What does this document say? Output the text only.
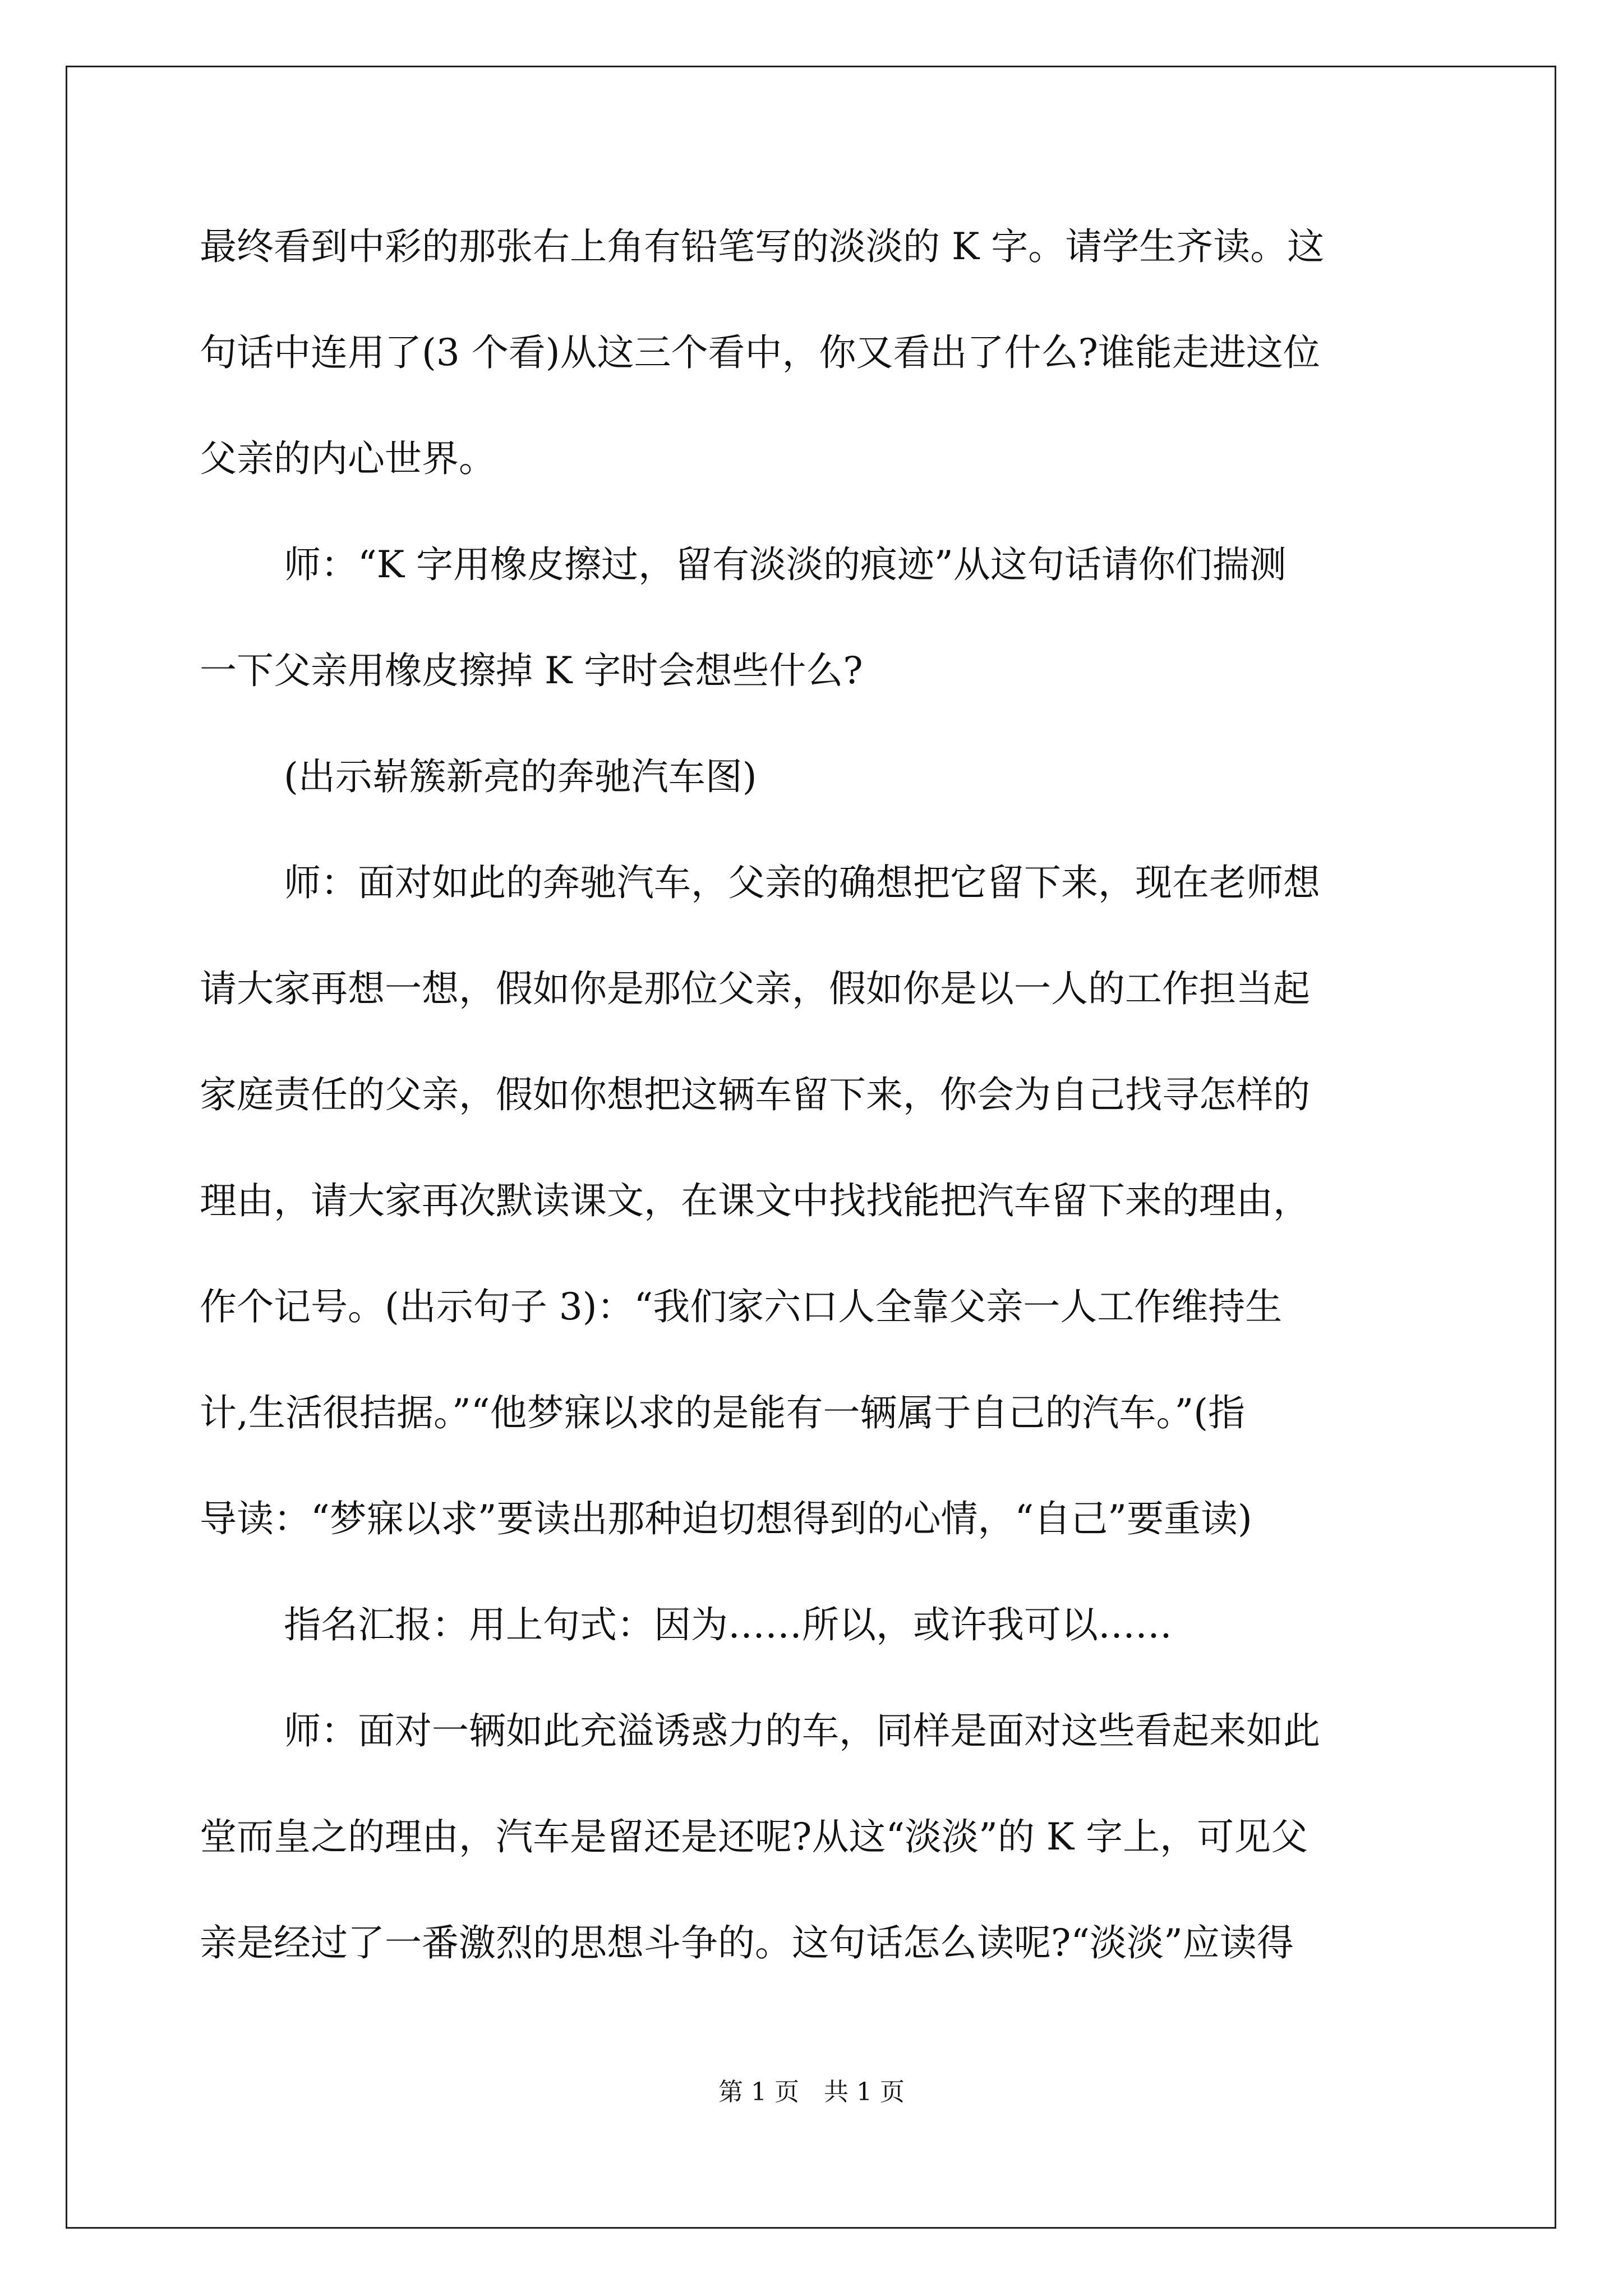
最终看到中彩的那张右上角有铅笔写的淡淡的 K 字。请学生齐读。这
句话中连用了(3 个看)从这三个看中，你又看出了什么?谁能走进这位
父亲的内心世界。
师：“K 字用橡皮擦过，留有淡淡的痕迹”从这句话请你们揣测
一下父亲用橡皮擦掉 K 字时会想些什么?
(出示崭簇新亮的奔驰汽车图)
师：面对如此的奔驰汽车，父亲的确想把它留下来，现在老师想
请大家再想一想，假如你是那位父亲，假如你是以一人的工作担当起
家庭责任的父亲，假如你想把这辆车留下来，你会为自己找寻怎样的
理由，请大家再次默读课文，在课文中找找能把汽车留下来的理由，
作个记号。(出示句子 3)：“我们家六口人全靠父亲一人工作维持生
计,生活很拮据。”“他梦寐以求的是能有一辆属于自己的汽车。”(指
导读：“梦寐以求”要读出那种迫切想得到的心情，“自己”要重读)
指名汇报：用上句式：因为……所以，或许我可以……
师：面对一辆如此充溢诱惑力的车，同样是面对这些看起来如此
堂而皇之的理由，汽车是留还是还呢?从这“淡淡”的 K 字上，可见父
亲是经过了一番激烈的思想斗争的。这句话怎么读呢?“淡淡”应读得
第 1 页　共 1 页
